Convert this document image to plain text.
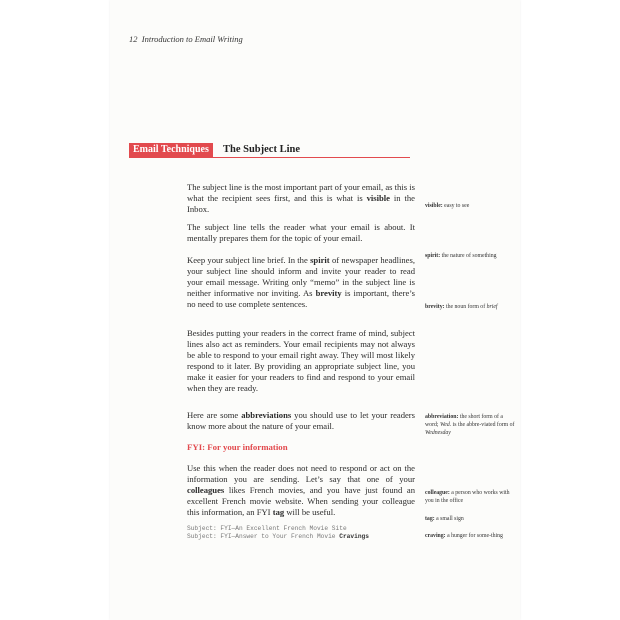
12 Introduction to Email Writing
Email Techniques	The Subject Line
The subject line is the most important part of your email, as this is what the recipient sees first, and this is what is visible in the Inbox.
The subject line tells the reader what your email is about. It mentally prepares them for the topic of your email.
Keep your subject line brief. In the spirit of newspaper headlines, your subject line should inform and invite your reader to read your email message. Writing only “memo” in the subject line is neither informative nor inviting. As brevity is important, there’s no need to use complete sentences.
Besides putting your readers in the correct frame of mind, subject lines also act as reminders. Your email recipients may not always be able to respond to your email right away. They will most likely respond to it later. By providing an appropriate subject line, you make it easier for your readers to find and respond to your email when they are ready.
Here are some abbreviations you should use to let your readers know more about the nature of your email.
FYI: For your information
Use this when the reader does not need to respond or act on the information you are sending. Let’s say that one of your colleagues likes French movies, and you have just found an excellent French movie website. When sending your colleague this information, an FYI tag will be useful.
Subject: FYI—An Excellent French Movie Site
Subject: FYI—Answer to Your French Movie Cravings
visible: easy to see
spirit: the nature of something
brevity: the noun form of brief
abbreviation: the short form of a word; Wed. is the abbre-viated form of Wednesday
colleague: a person who works with you in the office
tag: a small sign
craving: a hunger for some-thing
